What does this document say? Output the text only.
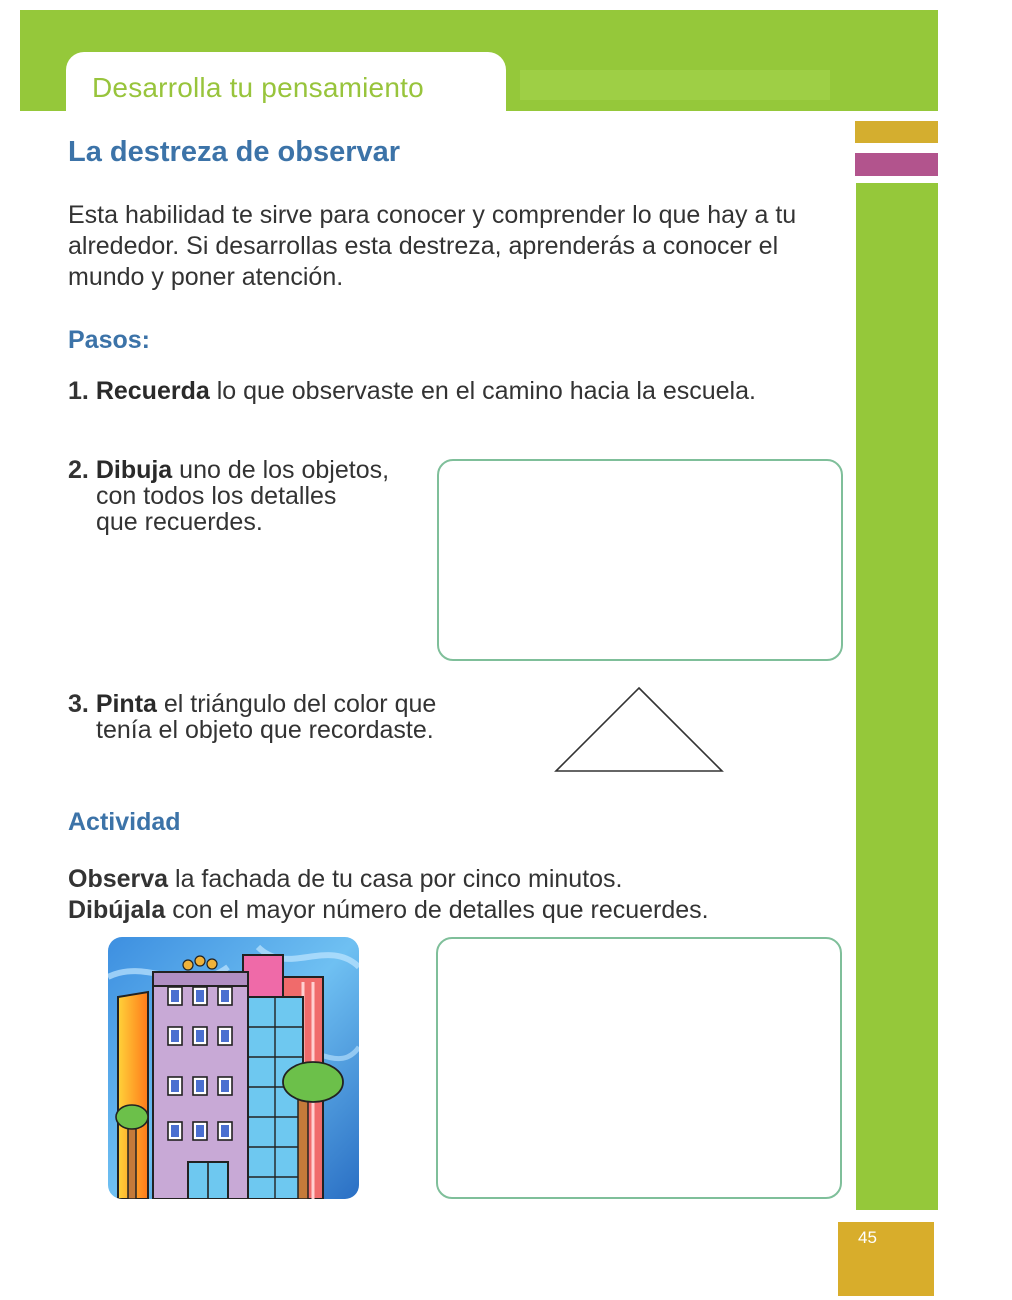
Desarrolla tu pensamiento
La destreza de observar
Esta habilidad te sirve para conocer y comprender lo que hay a tu alrededor. Si desarrollas esta destreza, aprenderás a conocer el mundo y poner atención.
Pasos:
1. Recuerda lo que observaste en el camino hacia la escuela.
2. Dibuja uno de los objetos,
con todos los detalles
que recuerdes.
3. Pinta el triángulo del color que
tenía el objeto que recordaste.
Actividad
Observa la fachada de tu casa por cinco minutos.
Dibújala con el mayor número de detalles que recuerdes.
45
